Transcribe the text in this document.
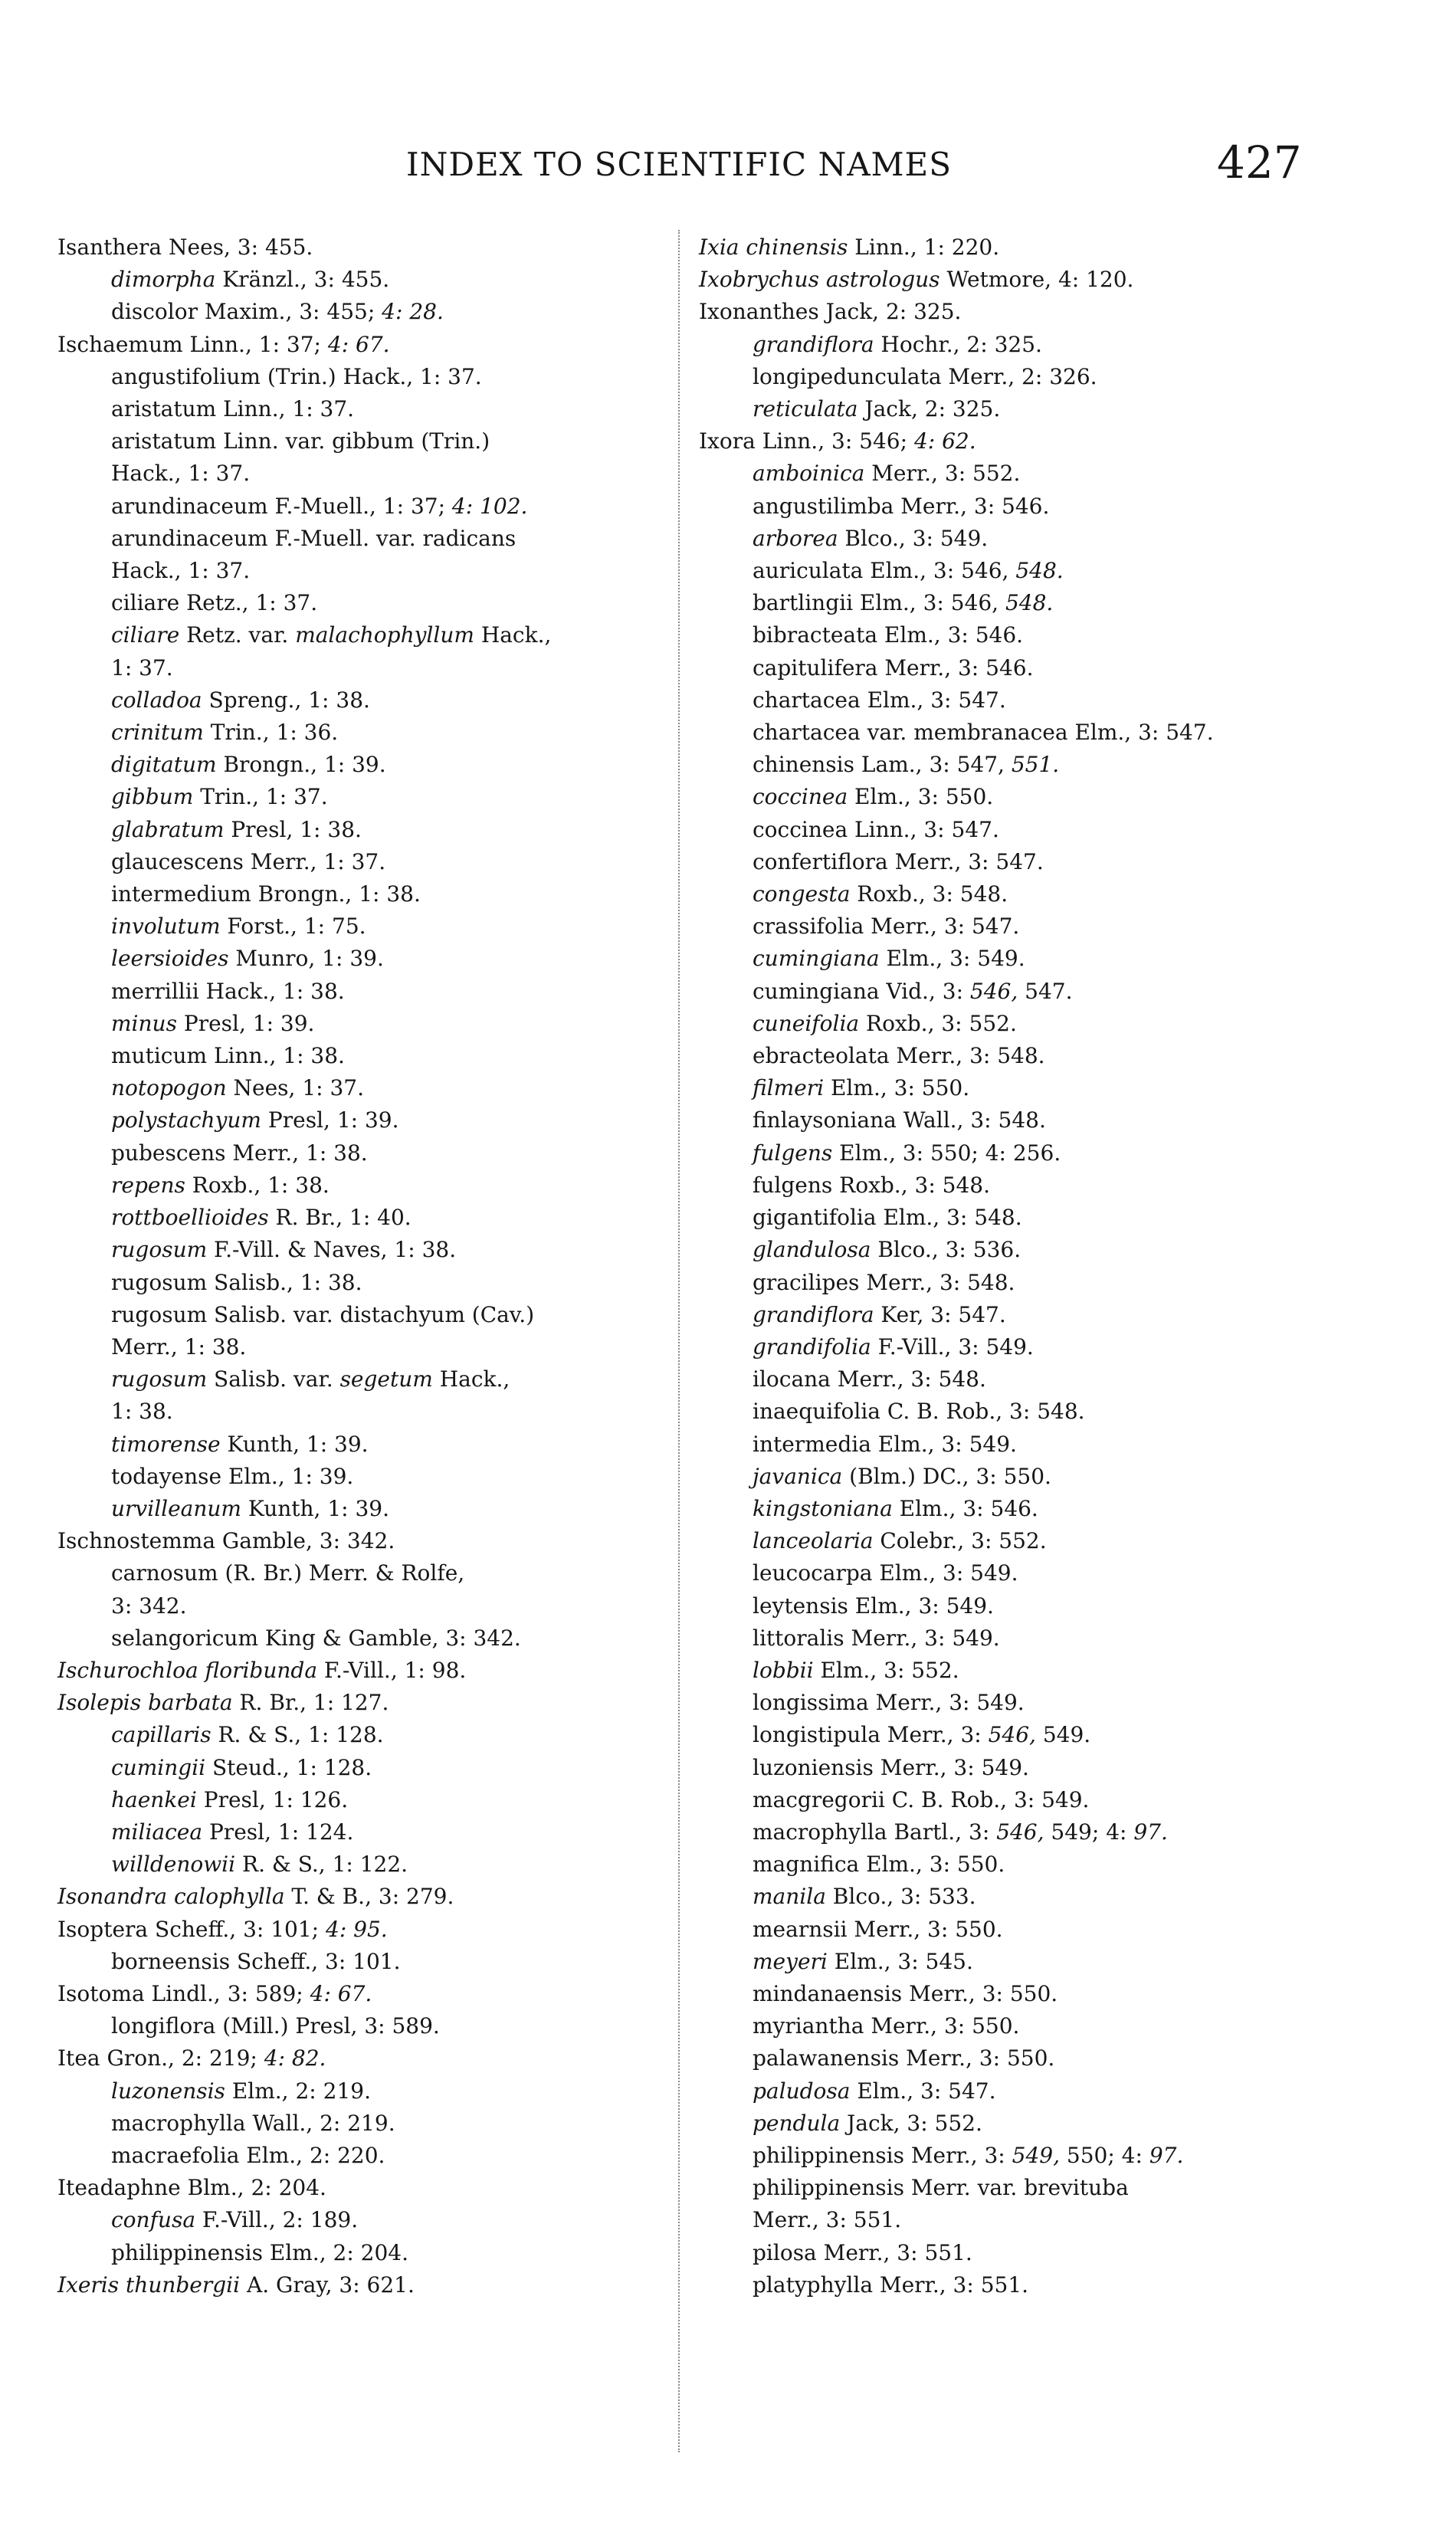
INDEX TO SCIENTIFIC NAMES	427
Isanthera Nees, 3: 455.
dimorpha Kränzl., 3: 455.
discolor Maxim., 3: 455; 4: 28.
Ischaemum Linn., 1: 37; 4: 67.
angustifolium (Trin.) Hack., 1: 37.
aristatum Linn., 1: 37.
aristatum Linn. var. gibbum (Trin.)
Hack., 1: 37.
arundinaceum F.-Muell., 1: 37; 4: 102.
arundinaceum F.-Muell. var. radicans
Hack., 1: 37.
ciliare Retz., 1: 37.
ciliare Retz. var. malachophyllum Hack.,
1: 37.
colladoa Spreng., 1: 38.
crinitum Trin., 1: 36.
digitatum Brongn., 1: 39.
gibbum Trin., 1: 37.
glabratum Presl, 1: 38.
glaucescens Merr., 1: 37.
intermedium Brongn., 1: 38.
involutum Forst., 1: 75.
leersioides Munro, 1: 39.
merrillii Hack., 1: 38.
minus Presl, 1: 39.
muticum Linn., 1: 38.
notopogon Nees, 1: 37.
polystachyum Presl, 1: 39.
pubescens Merr., 1: 38.
repens Roxb., 1: 38.
rottboellioides R. Br., 1: 40.
rugosum F.-Vill. & Naves, 1: 38.
rugosum Salisb., 1: 38.
rugosum Salisb. var. distachyum (Cav.)
Merr., 1: 38.
rugosum Salisb. var. segetum Hack.,
1: 38.
timorense Kunth, 1: 39.
todayense Elm., 1: 39.
urvilleanum Kunth, 1: 39.
Ischnostemma Gamble, 3: 342.
carnosum (R. Br.) Merr. & Rolfe,
3: 342.
selangoricum King & Gamble, 3: 342.
Ischurochloa floribunda F.-Vill., 1: 98.
Isolepis barbata R. Br., 1: 127.
capillaris R. & S., 1: 128.
cumingii Steud., 1: 128.
haenkei Presl, 1: 126.
miliacea Presl, 1: 124.
willdenowii R. & S., 1: 122.
Isonandra calophylla T. & B., 3: 279.
Isoptera Scheff., 3: 101; 4: 95.
borneensis Scheff., 3: 101.
Isotoma Lindl., 3: 589; 4: 67.
longiflora (Mill.) Presl, 3: 589.
Itea Gron., 2: 219; 4: 82.
luzonensis Elm., 2: 219.
macrophylla Wall., 2: 219.
macraefolia Elm., 2: 220.
Iteadaphne Blm., 2: 204.
confusa F.-Vill., 2: 189.
philippinensis Elm., 2: 204.
Ixeris thunbergii A. Gray, 3: 621.
Ixia chinensis Linn., 1: 220.
Ixobrychus astrologus Wetmore, 4: 120.
Ixonanthes Jack, 2: 325.
grandiflora Hochr., 2: 325.
longipedunculata Merr., 2: 326.
reticulata Jack, 2: 325.
Ixora Linn., 3: 546; 4: 62.
amboinica Merr., 3: 552.
angustilimba Merr., 3: 546.
arborea Blco., 3: 549.
auriculata Elm., 3: 546, 548.
bartlingii Elm., 3: 546, 548.
bibracteata Elm., 3: 546.
capitulifera Merr., 3: 546.
chartacea Elm., 3: 547.
chartacea var. membranacea Elm., 3: 547.
chinensis Lam., 3: 547, 551.
coccinea Elm., 3: 550.
coccinea Linn., 3: 547.
confertiflora Merr., 3: 547.
congesta Roxb., 3: 548.
crassifolia Merr., 3: 547.
cumingiana Elm., 3: 549.
cumingiana Vid., 3: 546, 547.
cuneifolia Roxb., 3: 552.
ebracteolata Merr., 3: 548.
filmeri Elm., 3: 550.
finlaysoniana Wall., 3: 548.
fulgens Elm., 3: 550; 4: 256.
fulgens Roxb., 3: 548.
gigantifolia Elm., 3: 548.
glandulosa Blco., 3: 536.
gracilipes Merr., 3: 548.
grandiflora Ker, 3: 547.
grandifolia F.-Vill., 3: 549.
ilocana Merr., 3: 548.
inaequifolia C. B. Rob., 3: 548.
intermedia Elm., 3: 549.
javanica (Blm.) DC., 3: 550.
kingstoniana Elm., 3: 546.
lanceolaria Colebr., 3: 552.
leucocarpa Elm., 3: 549.
leytensis Elm., 3: 549.
littoralis Merr., 3: 549.
lobbii Elm., 3: 552.
longissima Merr., 3: 549.
longistipula Merr., 3: 546, 549.
luzoniensis Merr., 3: 549.
macgregorii C. B. Rob., 3: 549.
macrophylla Bartl., 3: 546, 549; 4: 97.
magnifica Elm., 3: 550.
manila Blco., 3: 533.
mearnsii Merr., 3: 550.
meyeri Elm., 3: 545.
mindanaensis Merr., 3: 550.
myriantha Merr., 3: 550.
palawanensis Merr., 3: 550.
paludosa Elm., 3: 547.
pendula Jack, 3: 552.
philippinensis Merr., 3: 549, 550; 4: 97.
philippinensis Merr. var. brevituba
Merr., 3: 551.
pilosa Merr., 3: 551.
platyphylla Merr., 3: 551.
